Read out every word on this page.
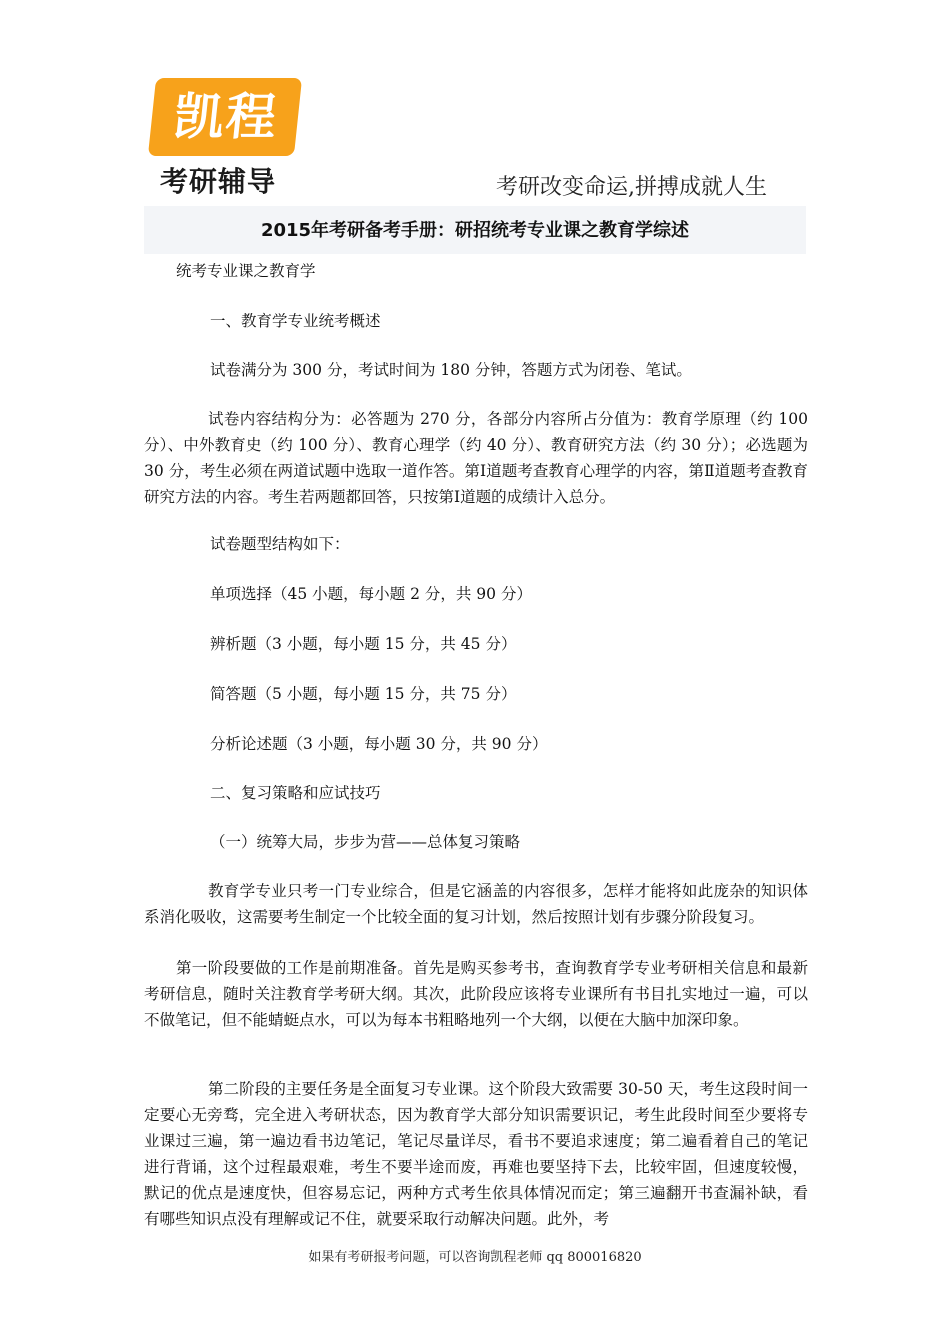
凯程
考研辅导	考研改变命运,拼搏成就人生
2015年考研备考手册：研招统考专业课之教育学综述
统考专业课之教育学
一、教育学专业统考概述
试卷满分为 300 分，考试时间为 180 分钟，答题方式为闭卷、笔试。
试卷内容结构分为：必答题为 270 分，各部分内容所占分值为：教育学原理（约 100 分）、中外教育史（约 100 分）、教育心理学（约 40 分）、教育研究方法（约 30 分）；必选题为 30 分，考生必须在两道试题中选取一道作答。第Ⅰ道题考查教育心理学的内容，第Ⅱ道题考查教育研究方法的内容。考生若两题都回答，只按第Ⅰ道题的成绩计入总分。
试卷题型结构如下：
单项选择（45 小题，每小题 2 分，共 90 分）
辨析题（3 小题，每小题 15 分，共 45 分）
简答题（5 小题，每小题 15 分，共 75 分）
分析论述题（3 小题，每小题 30 分，共 90 分）
二、复习策略和应试技巧
（一）统筹大局，步步为营——总体复习策略
教育学专业只考一门专业综合，但是它涵盖的内容很多，怎样才能将如此庞杂的知识体系消化吸收，这需要考生制定一个比较全面的复习计划，然后按照计划有步骤分阶段复习。
第一阶段要做的工作是前期准备。首先是购买参考书，查询教育学专业考研相关信息和最新考研信息，随时关注教育学考研大纲。其次，此阶段应该将专业课所有书目扎实地过一遍，可以不做笔记，但不能蜻蜓点水，可以为每本书粗略地列一个大纲，以便在大脑中加深印象。
第二阶段的主要任务是全面复习专业课。这个阶段大致需要 30-50 天，考生这段时间一定要心无旁骛，完全进入考研状态，因为教育学大部分知识需要识记，考生此段时间至少要将专业课过三遍，第一遍边看书边笔记，笔记尽量详尽，看书不要追求速度；第二遍看着自己的笔记进行背诵，这个过程最艰难，考生不要半途而废，再难也要坚持下去，比较牢固，但速度较慢，默记的优点是速度快，但容易忘记，两种方式考生依具体情况而定；第三遍翻开书查漏补缺，看有哪些知识点没有理解或记不住，就要采取行动解决问题。此外，考
如果有考研报考问题，可以咨询凯程老师 qq 800016820
